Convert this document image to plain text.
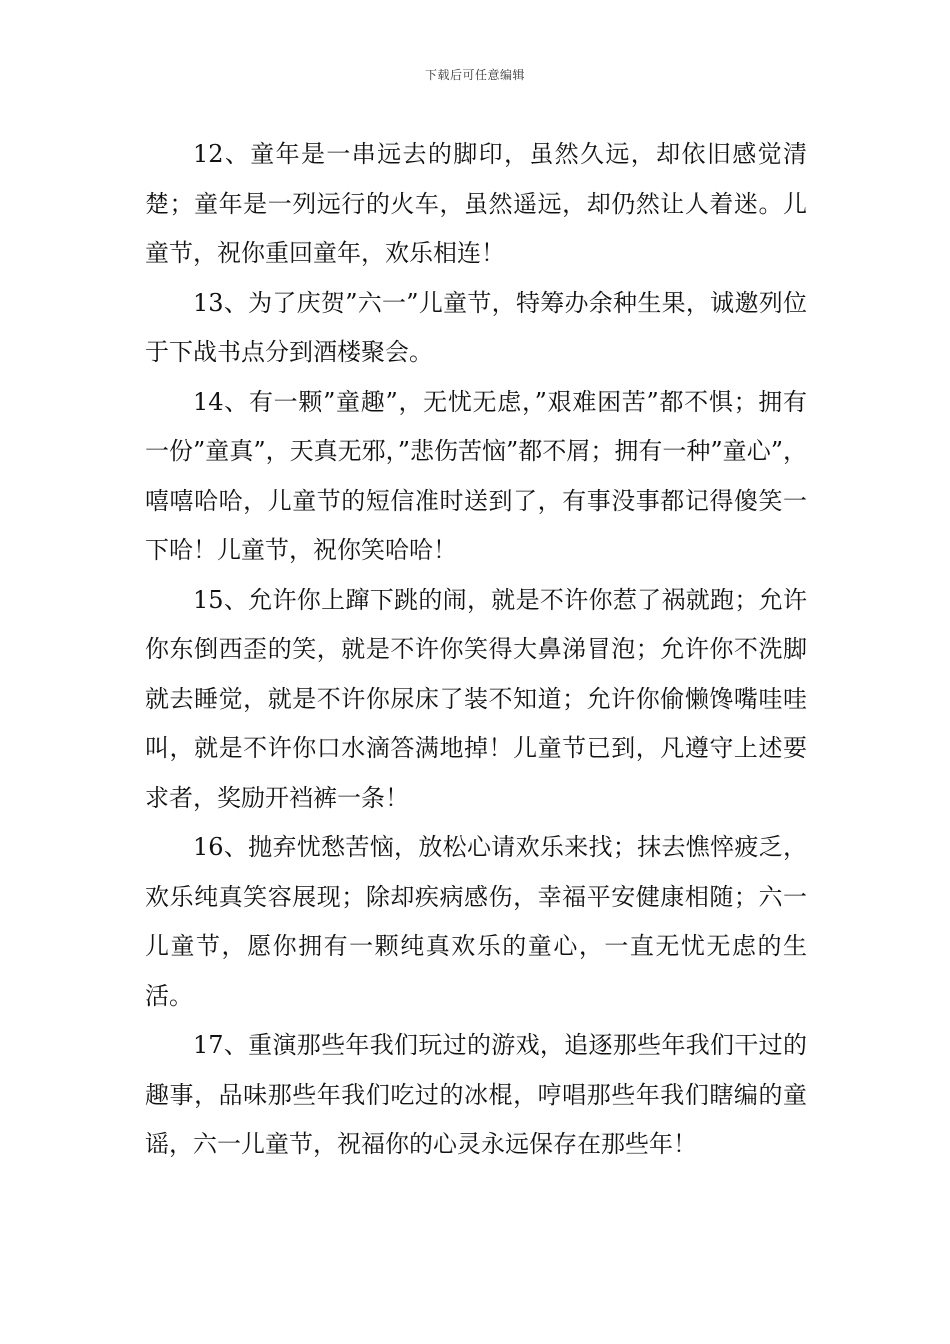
下载后可任意编辑

12、童年是一串远去的脚印，虽然久远，却依旧感觉清楚；童年是一列远行的火车，虽然遥远，却仍然让人着迷。儿童节，祝你重回童年，欢乐相连！

13、为了庆贺”六一”儿童节，特筹办余种生果，诚邀列位于下战书点分到酒楼聚会。

14、有一颗”童趣”，无忧无虑，”艰难困苦”都不惧；拥有一份”童真”，天真无邪，”悲伤苦恼”都不屑；拥有一种”童心”，嘻嘻哈哈，儿童节的短信准时送到了，有事没事都记得傻笑一下哈！儿童节，祝你笑哈哈！

15、允许你上蹿下跳的闹，就是不许你惹了祸就跑；允许你东倒西歪的笑，就是不许你笑得大鼻涕冒泡；允许你不洗脚就去睡觉，就是不许你尿床了装不知道；允许你偷懒馋嘴哇哇叫，就是不许你口水滴答满地掉！儿童节已到，凡遵守上述要求者，奖励开裆裤一条！

16、抛弃忧愁苦恼，放松心请欢乐来找；抹去憔悴疲乏，欢乐纯真笑容展现；除却疾病感伤，幸福平安健康相随；六一儿童节，愿你拥有一颗纯真欢乐的童心，一直无忧无虑的生活。

17、重演那些年我们玩过的游戏，追逐那些年我们干过的趣事，品味那些年我们吃过的冰棍，哼唱那些年我们瞎编的童谣，六一儿童节，祝福你的心灵永远保存在那些年！
